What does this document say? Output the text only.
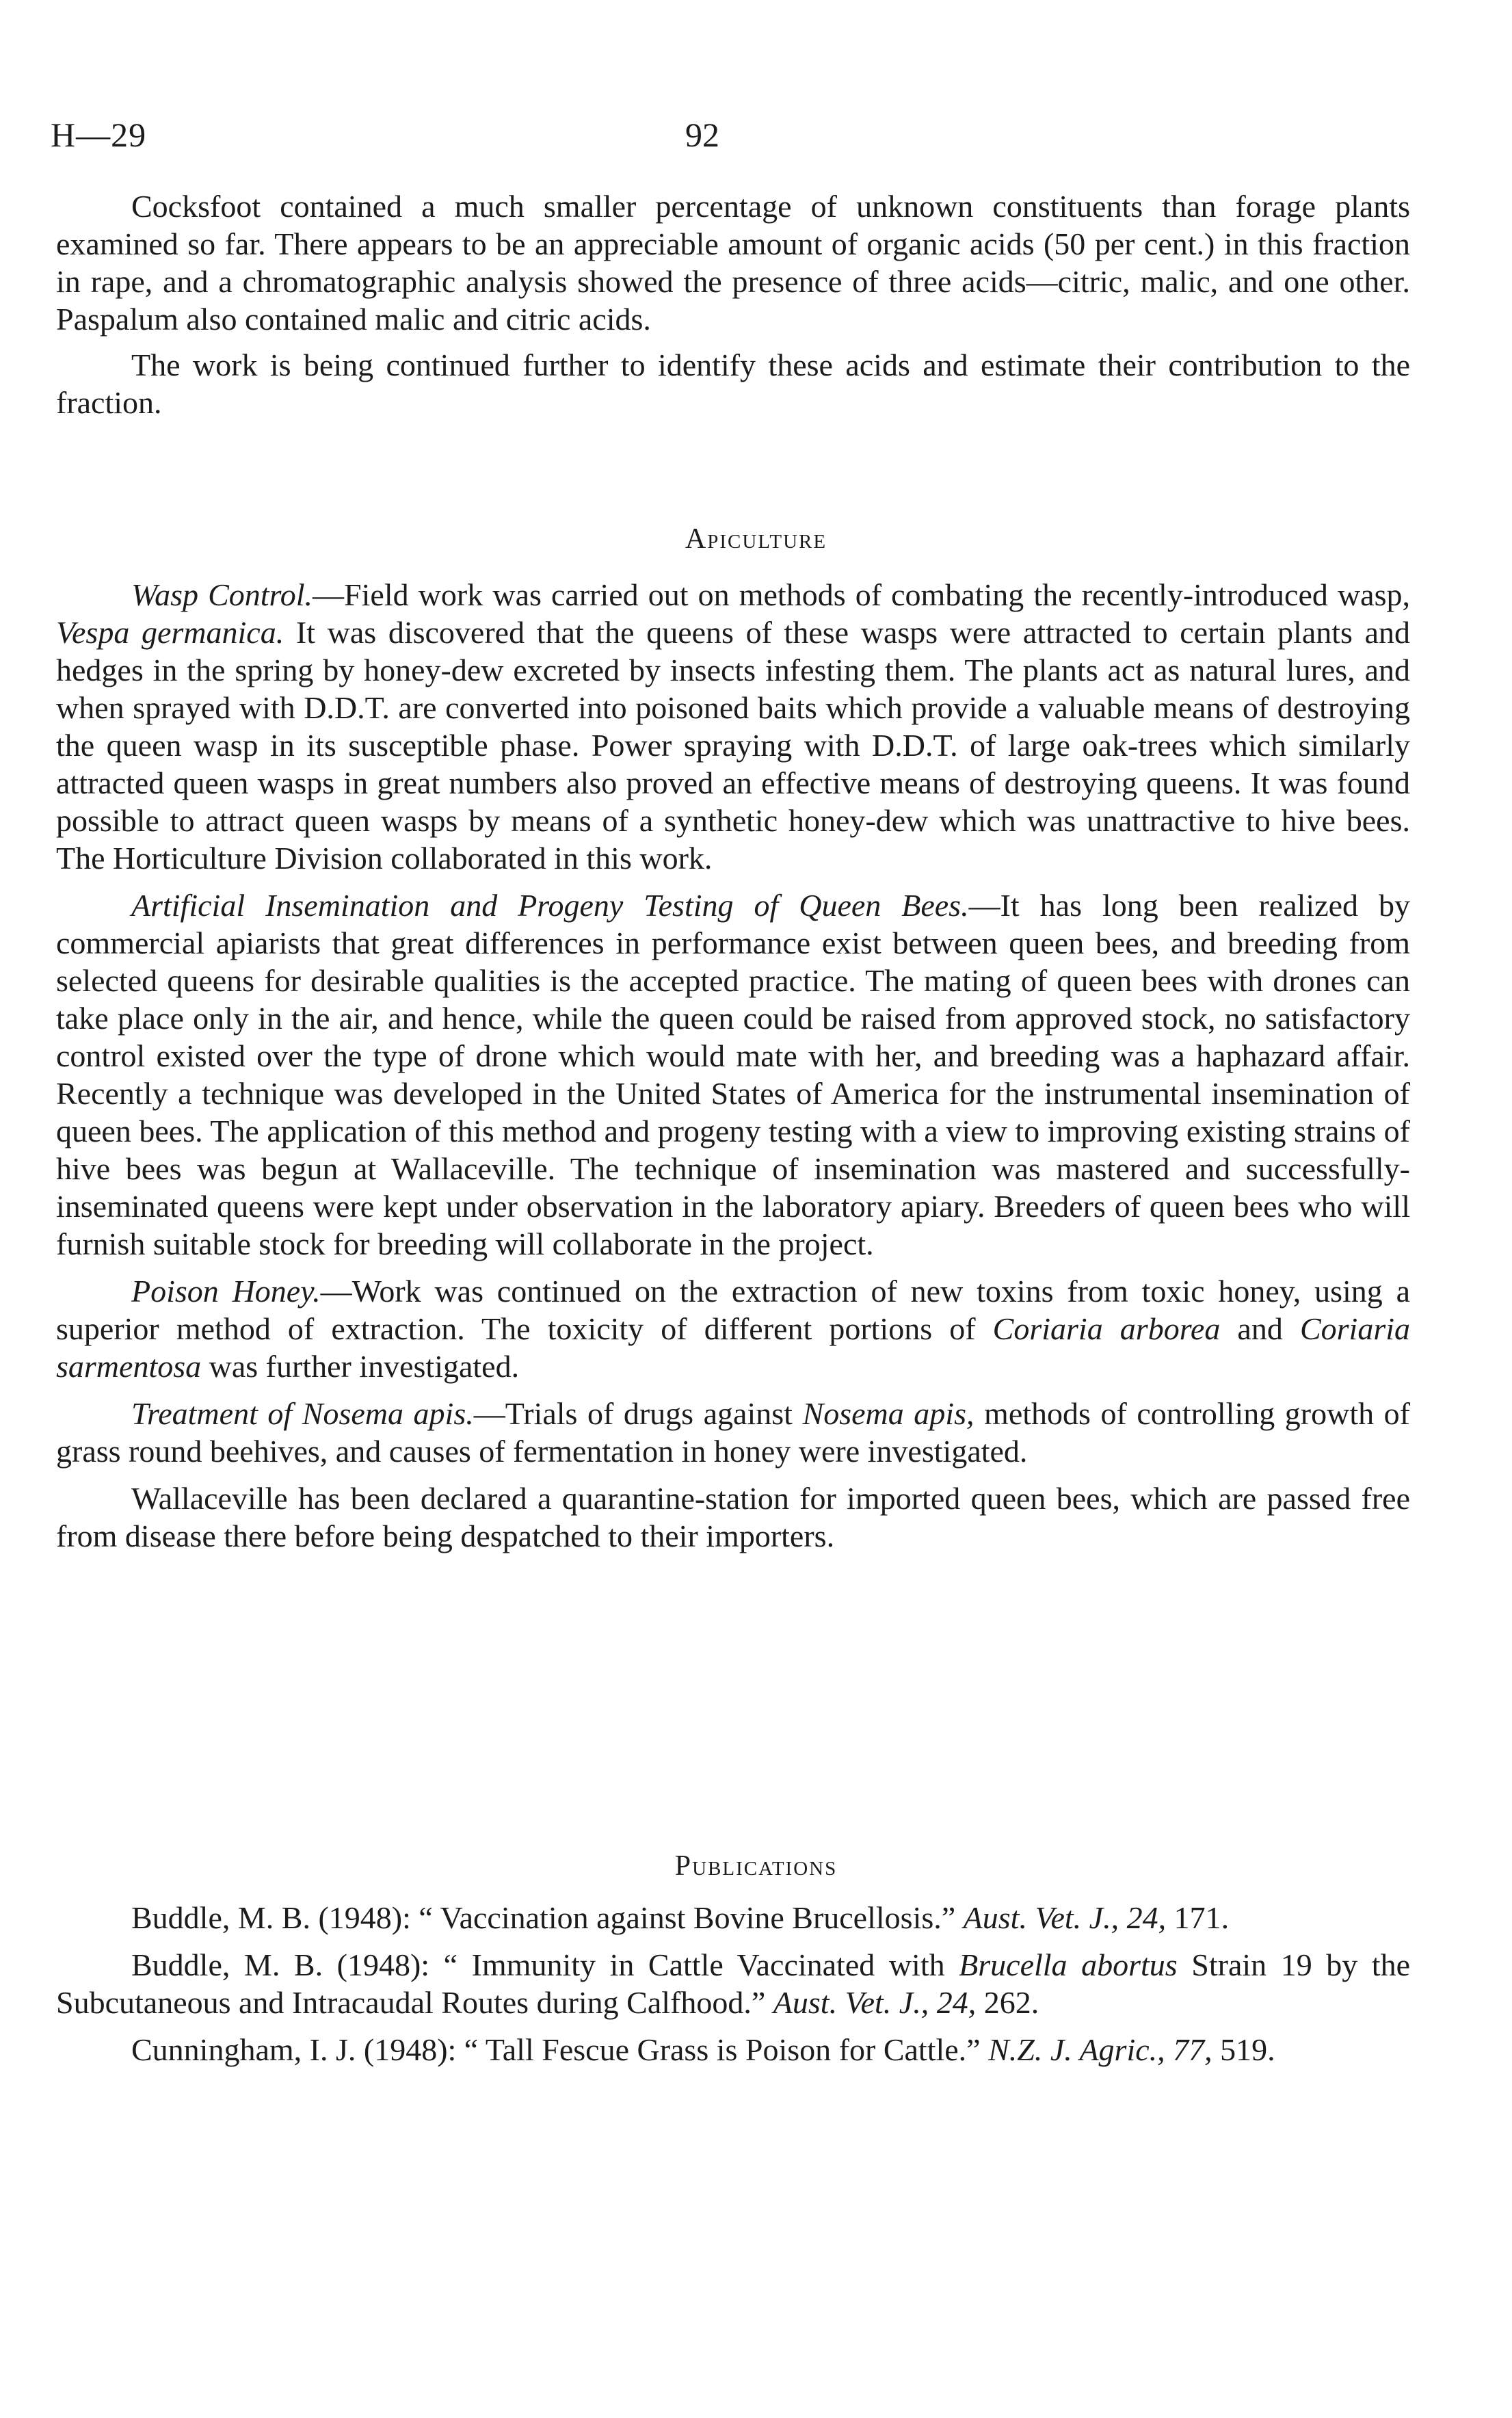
H—29	92

Cocksfoot contained a much smaller percentage of unknown constituents than forage plants examined so far. There appears to be an appreciable amount of organic acids (50 per cent.) in this fraction in rape, and a chromatographic analysis showed the presence of three acids—citric, malic, and one other. Paspalum also contained malic and citric acids.

The work is being continued further to identify these acids and estimate their contribution to the fraction.

Apiculture

Wasp Control.—Field work was carried out on methods of combating the recently-introduced wasp, Vespa germanica. It was discovered that the queens of these wasps were attracted to certain plants and hedges in the spring by honey-dew excreted by insects infesting them. The plants act as natural lures, and when sprayed with D.D.T. are converted into poisoned baits which provide a valuable means of destroying the queen wasp in its susceptible phase. Power spraying with D.D.T. of large oak-trees which similarly attracted queen wasps in great numbers also proved an effective means of destroying queens. It was found possible to attract queen wasps by means of a synthetic honey-dew which was unattractive to hive bees. The Horticulture Division collaborated in this work.

Artificial Insemination and Progeny Testing of Queen Bees.—It has long been realized by commercial apiarists that great differences in performance exist between queen bees, and breeding from selected queens for desirable qualities is the accepted practice. The mating of queen bees with drones can take place only in the air, and hence, while the queen could be raised from approved stock, no satisfactory control existed over the type of drone which would mate with her, and breeding was a haphazard affair. Recently a technique was developed in the United States of America for the instrumental insemination of queen bees. The application of this method and progeny testing with a view to improving existing strains of hive bees was begun at Wallaceville. The technique of insemination was mastered and successfully-inseminated queens were kept under observation in the laboratory apiary. Breeders of queen bees who will furnish suitable stock for breeding will collaborate in the project.

Poison Honey.—Work was continued on the extraction of new toxins from toxic honey, using a superior method of extraction. The toxicity of different portions of Coriaria arborea and Coriaria sarmentosa was further investigated.

Treatment of Nosema apis.—Trials of drugs against Nosema apis, methods of controlling growth of grass round beehives, and causes of fermentation in honey were investigated.

Wallaceville has been declared a quarantine-station for imported queen bees, which are passed free from disease there before being despatched to their importers.

Publications

Buddle, M. B. (1948): “ Vaccination against Bovine Brucellosis.” Aust. Vet. J., 24, 171.

Buddle, M. B. (1948): “ Immunity in Cattle Vaccinated with Brucella abortus Strain 19 by the Subcutaneous and Intracaudal Routes during Calfhood.” Aust. Vet. J., 24, 262.

Cunningham, I. J. (1948): “ Tall Fescue Grass is Poison for Cattle.” N.Z. J. Agric., 77, 519.
